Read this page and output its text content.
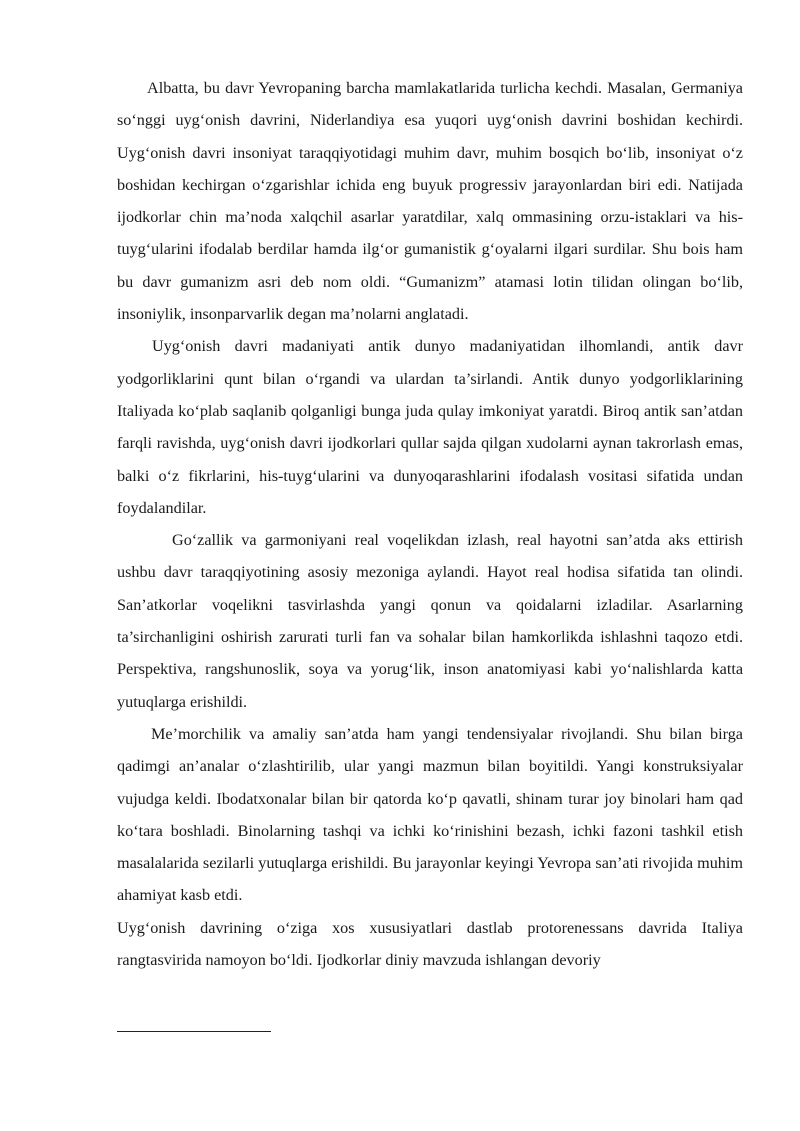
Albatta, bu davr Yevropaning barcha mamlakatlarida turlicha kechdi. Masalan, Germaniya so‘nggi uyg‘onish davrini, Niderlandiya esa yuqori uyg‘onish davrini boshidan kechirdi. Uyg‘onish davri insoniyat taraqqiyotidagi muhim davr, muhim bosqich bo‘lib, insoniyat o‘z boshidan kechirgan o‘zgarishlar ichida eng buyuk progressiv jarayonlardan biri edi. Natijada ijodkorlar chin ma’noda xalqchil asarlar yaratdilar, xalq ommasining orzu-istaklari va his-tuyg‘ularini ifodalab berdilar hamda ilg‘or gumanistik g‘oyalarni ilgari surdilar. Shu bois ham bu davr gumanizm asri deb nom oldi. “Gumanizm” atamasi lotin tilidan olingan bo‘lib, insoniylik, insonparvarlik degan ma’nolarni anglatadi.

Uyg‘onish davri madaniyati antik dunyo madaniyatidan ilhomlandi, antik davr yodgorliklarini qunt bilan o‘rgandi va ulardan ta’sirlandi. Antik dunyo yodgorliklarining Italiyada ko‘plab saqlanib qolganligi bunga juda qulay imkoniyat yaratdi. Biroq antik san’atdan farqli ravishda, uyg‘onish davri ijodkorlari qullar sajda qilgan xudolarni aynan takrorlash emas, balki o‘z fikrlarini, his-tuyg‘ularini va dunyoqarashlarini ifodalash vositasi sifatida undan foydalandilar.

Go‘zallik va garmoniyani real voqelikdan izlash, real hayotni san’atda aks ettirish ushbu davr taraqqiyotining asosiy mezoniga aylandi. Hayot real hodisa sifatida tan olindi. San’atkorlar voqelikni tasvirlashda yangi qonun va qoidalarni izladilar. Asarlarning ta’sirchanligini oshirish zarurati turli fan va sohalar bilan hamkorlikda ishlashni taqozo etdi. Perspektiva, rangshunoslik, soya va yorug‘lik, inson anatomiyasi kabi yo‘nalishlarda katta yutuqlarga erishildi.

Me’morchilik va amaliy san’atda ham yangi tendensiyalar rivojlandi. Shu bilan birga qadimgi an’analar o‘zlashtirilib, ular yangi mazmun bilan boyitildi. Yangi konstruksiyalar vujudga keldi. Ibodatxonalar bilan bir qatorda ko‘p qavatli, shinam turar joy binolari ham qad ko‘tara boshladi. Binolarning tashqi va ichki ko‘rinishini bezash, ichki fazoni tashkil etish masalalarida sezilarli yutuqlarga erishildi. Bu jarayonlar keyingi Yevropa san’ati rivojida muhim ahamiyat kasb etdi.

Uyg‘onish davrining o‘ziga xos xususiyatlari dastlab protorenessans davrida Italiya rangtasvirida namoyon bo‘ldi. Ijodkorlar diniy mavzuda ishlangan devoriy
